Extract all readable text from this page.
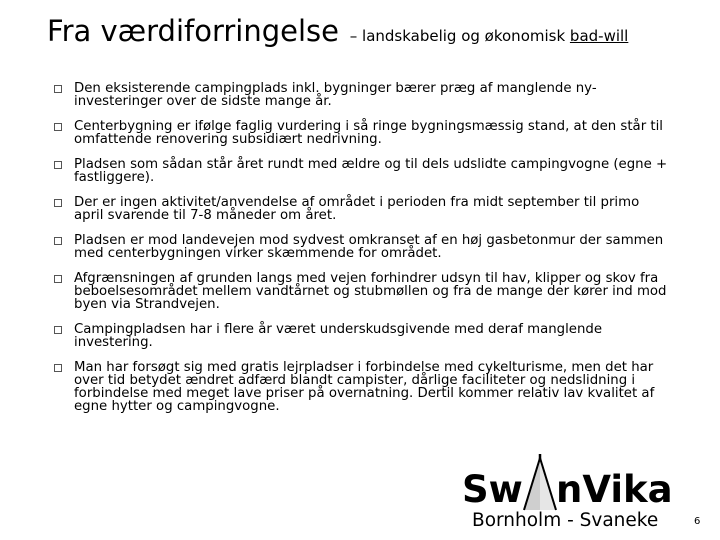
Fra værdiforringelse – landskabelig og økonomisk bad-will
Den eksisterende campingplads inkl. bygninger bærer præg af manglende ny-investeringer over de sidste mange år.
Centerbygning er ifølge faglig vurdering i så ringe bygningsmæssig stand, at den står til omfattende renovering subsidiært nedrivning.
Pladsen som sådan står året rundt med ældre og til dels udslidte campingvogne (egne + fastliggere).
Der er ingen aktivitet/anvendelse af området i perioden fra midt september til primo april svarende til 7-8 måneder om året.
Pladsen er mod landevejen mod sydvest omkranset af en høj gasbetonmur der sammen med centerbygningen virker skæmmende for området.
Afgrænsningen af grunden langs med vejen forhindrer udsyn til hav, klipper og skov fra beboelsesområdet mellem vandtårnet og stubmøllen og fra de mange der kører ind mod byen via Strandvejen.
Campingpladsen har i flere år været underskudsgivende med deraf manglende investering.
Man har forsøgt sig med gratis lejrpladser i forbindelse med cykelturisme, men det har over tid betydet ændret adfærd blandt campister, dårlige faciliteter og nedslidning i forbindelse med meget lave priser på overnatning. Dertil kommer relativ lav kvalitet af egne hytter og campingvogne.
Sw nVika
Bornholm - Svaneke	6
